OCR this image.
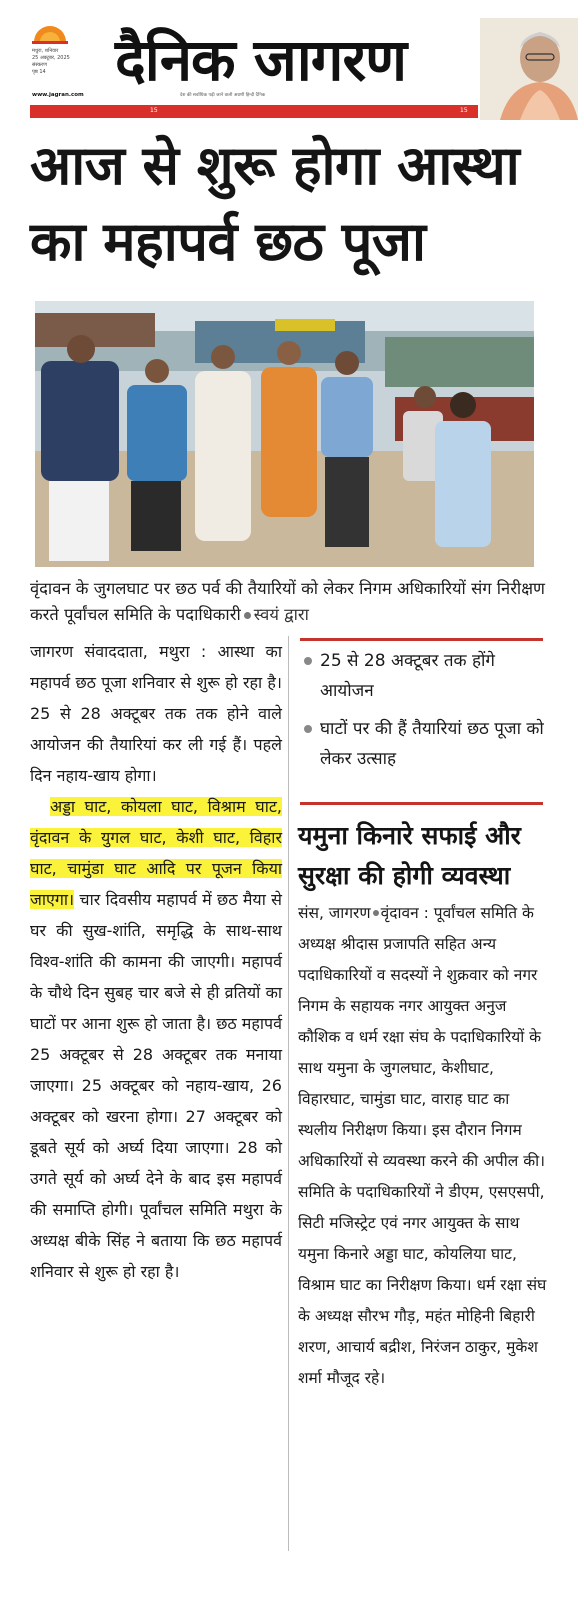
मथुरा, शनिवार
25 अक्टूबर, 2025
संस्करण
पृष्ठ 14
www.jagran.com
दैनिक जागरण
देश की सर्वाधिक पढ़ी जाने वाली अग्रणी हिन्दी दैनिक
15	15
आज से शुरू होगा आस्था
का महापर्व छठ पूजा
वृंदावन के जुगलघाट पर छठ पर्व की तैयारियों को लेकर निगम अधिकारियों संग निरीक्षण करते पूर्वांचल समिति के पदाधिकारी स्वयं द्वारा

जागरण संवाददाता, मथुरा : आस्था का महापर्व छठ पूजा शनिवार से शुरू हो रहा है। 25 से 28 अक्टूबर तक तक होने वाले आयोजन की तैयारियां कर ली गई हैं। पहले दिन नहाय-खाय होगा।

अड्डा घाट, कोयला घाट, विश्राम घाट, वृंदावन के युगल घाट, केशी घाट, विहार घाट, चामुंडा घाट आदि पर पूजन किया जाएगा। चार दिवसीय महापर्व में छठ मैया से घर की सुख-शांति, समृद्धि के साथ-साथ विश्व-शांति की कामना की जाएगी। महापर्व के चौथे दिन सुबह चार बजे से ही व्रतियों का घाटों पर आना शुरू हो जाता है। छठ महापर्व 25 अक्टूबर से 28 अक्टूबर तक मनाया जाएगा। 25 अक्टूबर को नहाय-खाय, 26 अक्टूबर को खरना होगा। 27 अक्टूबर को डूबते सूर्य को अर्घ्य दिया जाएगा। 28 को उगते सूर्य को अर्घ्य देने के बाद इस महापर्व की समाप्ति होगी। पूर्वांचल समिति मथुरा के अध्यक्ष बीके सिंह ने बताया कि छठ महापर्व शनिवार से शुरू हो रहा है।

25 से 28 अक्टूबर तक होंगे आयोजन
घाटों पर की हैं तैयारियां छठ पूजा को लेकर उत्साह
यमुना किनारे सफाई और सुरक्षा की होगी व्यवस्था
संस, जागरण वृंदावन : पूर्वांचल समिति के अध्यक्ष श्रीदास प्रजापति सहित अन्य पदाधिकारियों व सदस्यों ने शुक्रवार को नगर निगम के सहायक नगर आयुक्त अनुज कौशिक व धर्म रक्षा संघ के पदाधिकारियों के साथ यमुना के जुगलघाट, केशीघाट, विहारघाट, चामुंडा घाट, वाराह घाट का स्थलीय निरीक्षण किया। इस दौरान निगम अधिकारियों से व्यवस्था करने की अपील की। समिति के पदाधिकारियों ने डीएम, एसएसपी, सिटी मजिस्ट्रेट एवं नगर आयुक्त के साथ यमुना किनारे अड्डा घाट, कोयलिया घाट, विश्राम घाट का निरीक्षण किया। धर्म रक्षा संघ के अध्यक्ष सौरभ गौड़, महंत मोहिनी बिहारी शरण, आचार्य बद्रीश, निरंजन ठाकुर, मुकेश शर्मा मौजूद रहे।
